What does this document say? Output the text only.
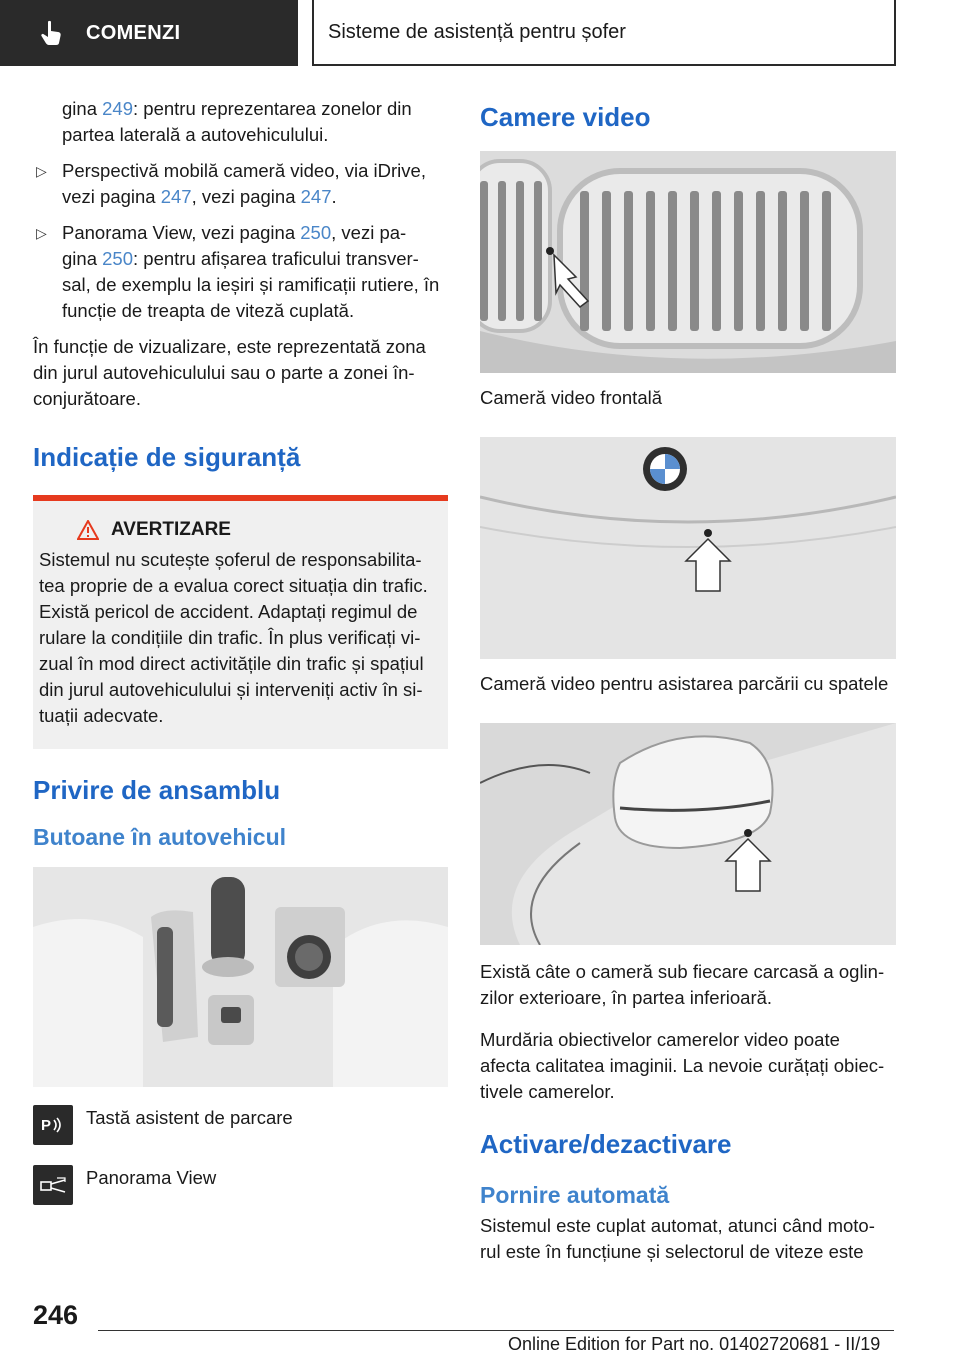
COMENZI	Sisteme de asistență pentru șofer

gina 249: pentru reprezentarea zonelor din
partea laterală a autovehiculului.

▷ Perspectivă mobilă cameră video, via iDrive,
vezi pagina 247, vezi pagina 247.
▷ Panorama View, vezi pagina 250, vezi pa-
gina 250: pentru afișarea traficului transver-
sal, de exemplu la ieșiri și ramificații rutiere, în
funcție de treapta de viteză cuplată.

În funcție de vizualizare, este reprezentată zona
din jurul autovehiculului sau o parte a zonei în-
conjurătoare.

Indicație de siguranță
AVERTIZARE

Sistemul nu scutește șoferul de responsabilita-
tea proprie de a evalua corect situația din trafic.
Există pericol de accident. Adaptați regimul de
rulare la condițiile din trafic. În plus verificați vi-
zual în mod direct activitățile din trafic și spațiul
din jurul autovehiculului și interveniți activ în si-
tuații adecvate.

Privire de ansamblu
Butoane în autovehicul
P Tastă asistent de parcare
Panorama View
Camere video

Cameră video frontală

Cameră video pentru asistarea parcării cu spatele

Există câte o cameră sub fiecare carcasă a oglin-
zilor exterioare, în partea inferioară.

Murdăria obiectivelor camerelor video poate
afecta calitatea imaginii. La nevoie curățați obiec-
tivele camerelor.

Activare/dezactivare
Pornire automată

Sistemul este cuplat automat, atunci când moto-
rul este în funcțiune și selectorul de viteze este

246
Online Edition for Part no. 01402720681 - II/19
